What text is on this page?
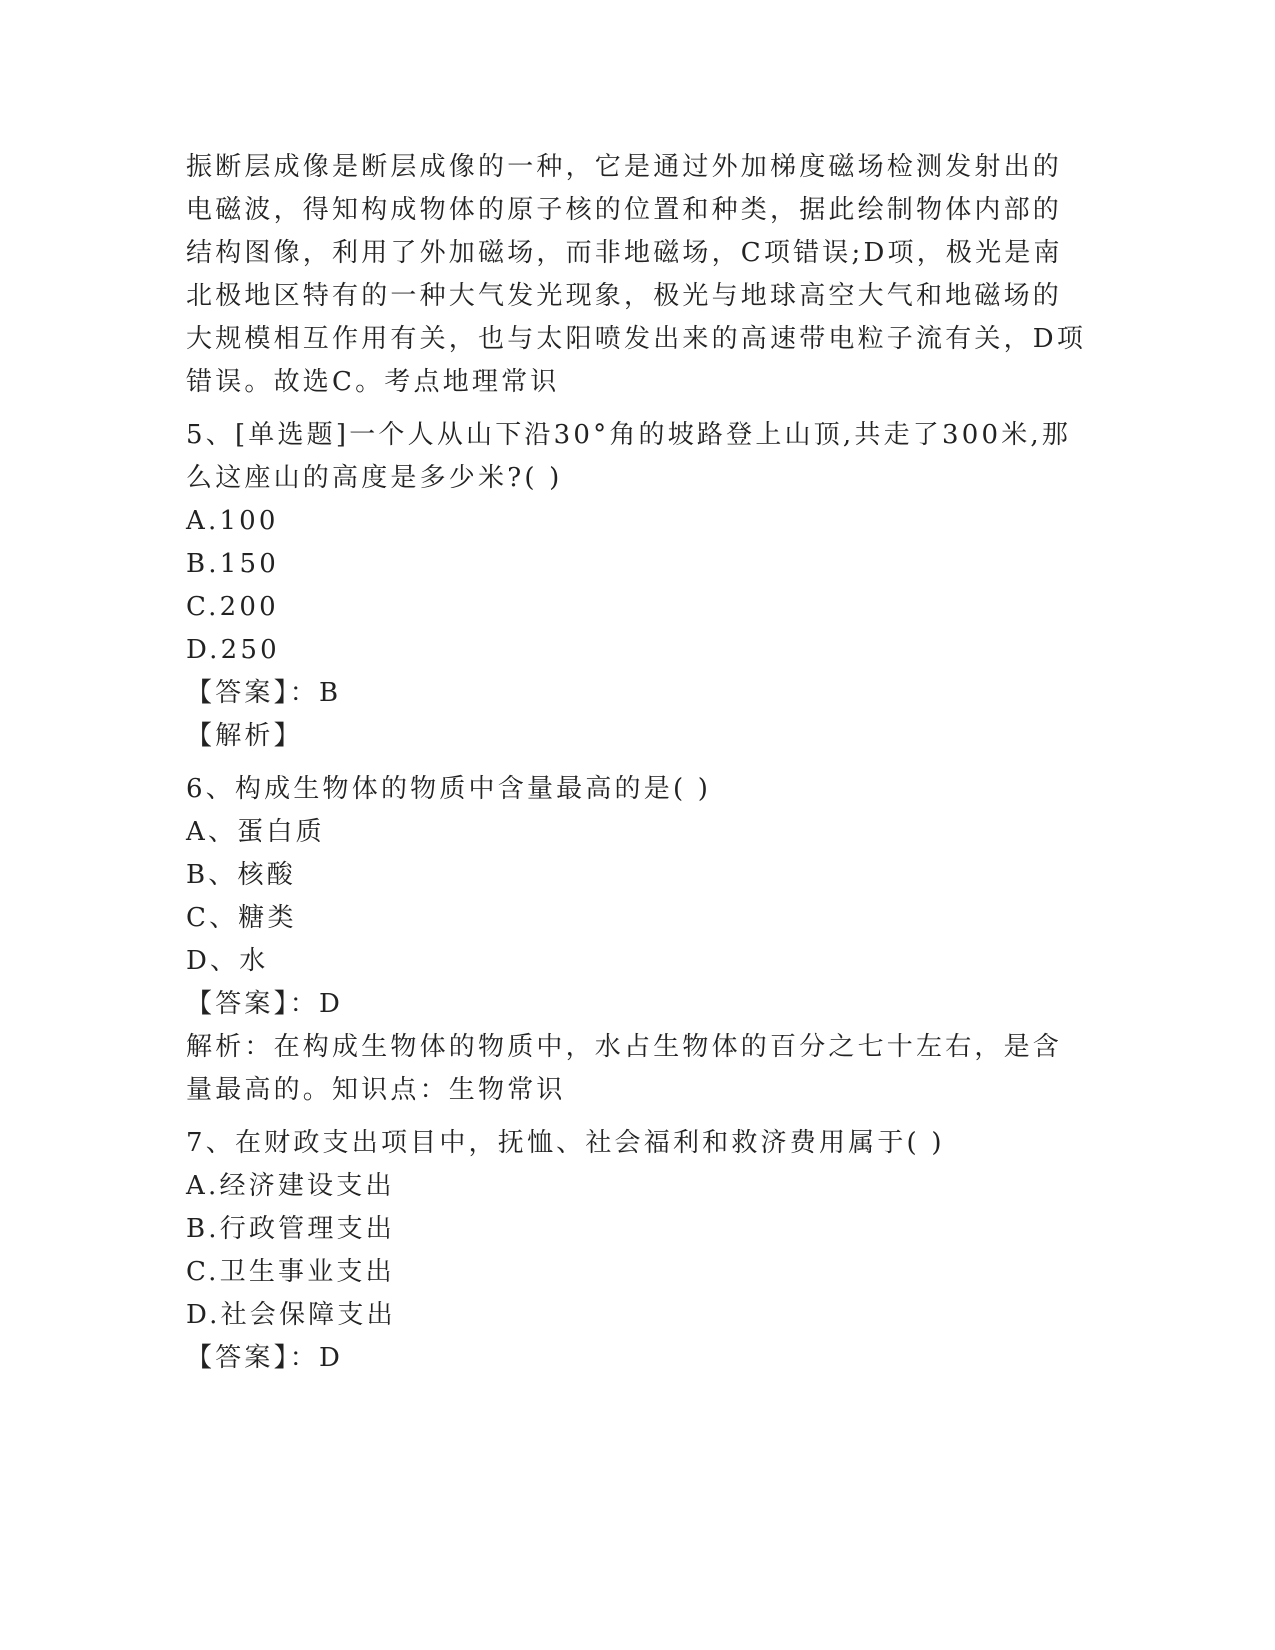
振断层成像是断层成像的一种，它是通过外加梯度磁场检测发射出的
电磁波，得知构成物体的原子核的位置和种类，据此绘制物体内部的
结构图像，利用了外加磁场，而非地磁场，C项错误;D项，极光是南
北极地区特有的一种大气发光现象，极光与地球高空大气和地磁场的
大规模相互作用有关，也与太阳喷发出来的高速带电粒子流有关，D项
错误。故选C。考点地理常识
5、[单选题]一个人从山下沿30°角的坡路登上山顶,共走了300米,那
么这座山的高度是多少米?( )
A.100
B.150
C.200
D.250
【答案】：B
【解析】
6、构成生物体的物质中含量最高的是( )
A、蛋白质
B、核酸
C、糖类
D、水
【答案】：D
解析：在构成生物体的物质中，水占生物体的百分之七十左右，是含
量最高的。知识点：生物常识
7、在财政支出项目中，抚恤、社会福利和救济费用属于( )
A.经济建设支出
B.行政管理支出
C.卫生事业支出
D.社会保障支出
【答案】：D
